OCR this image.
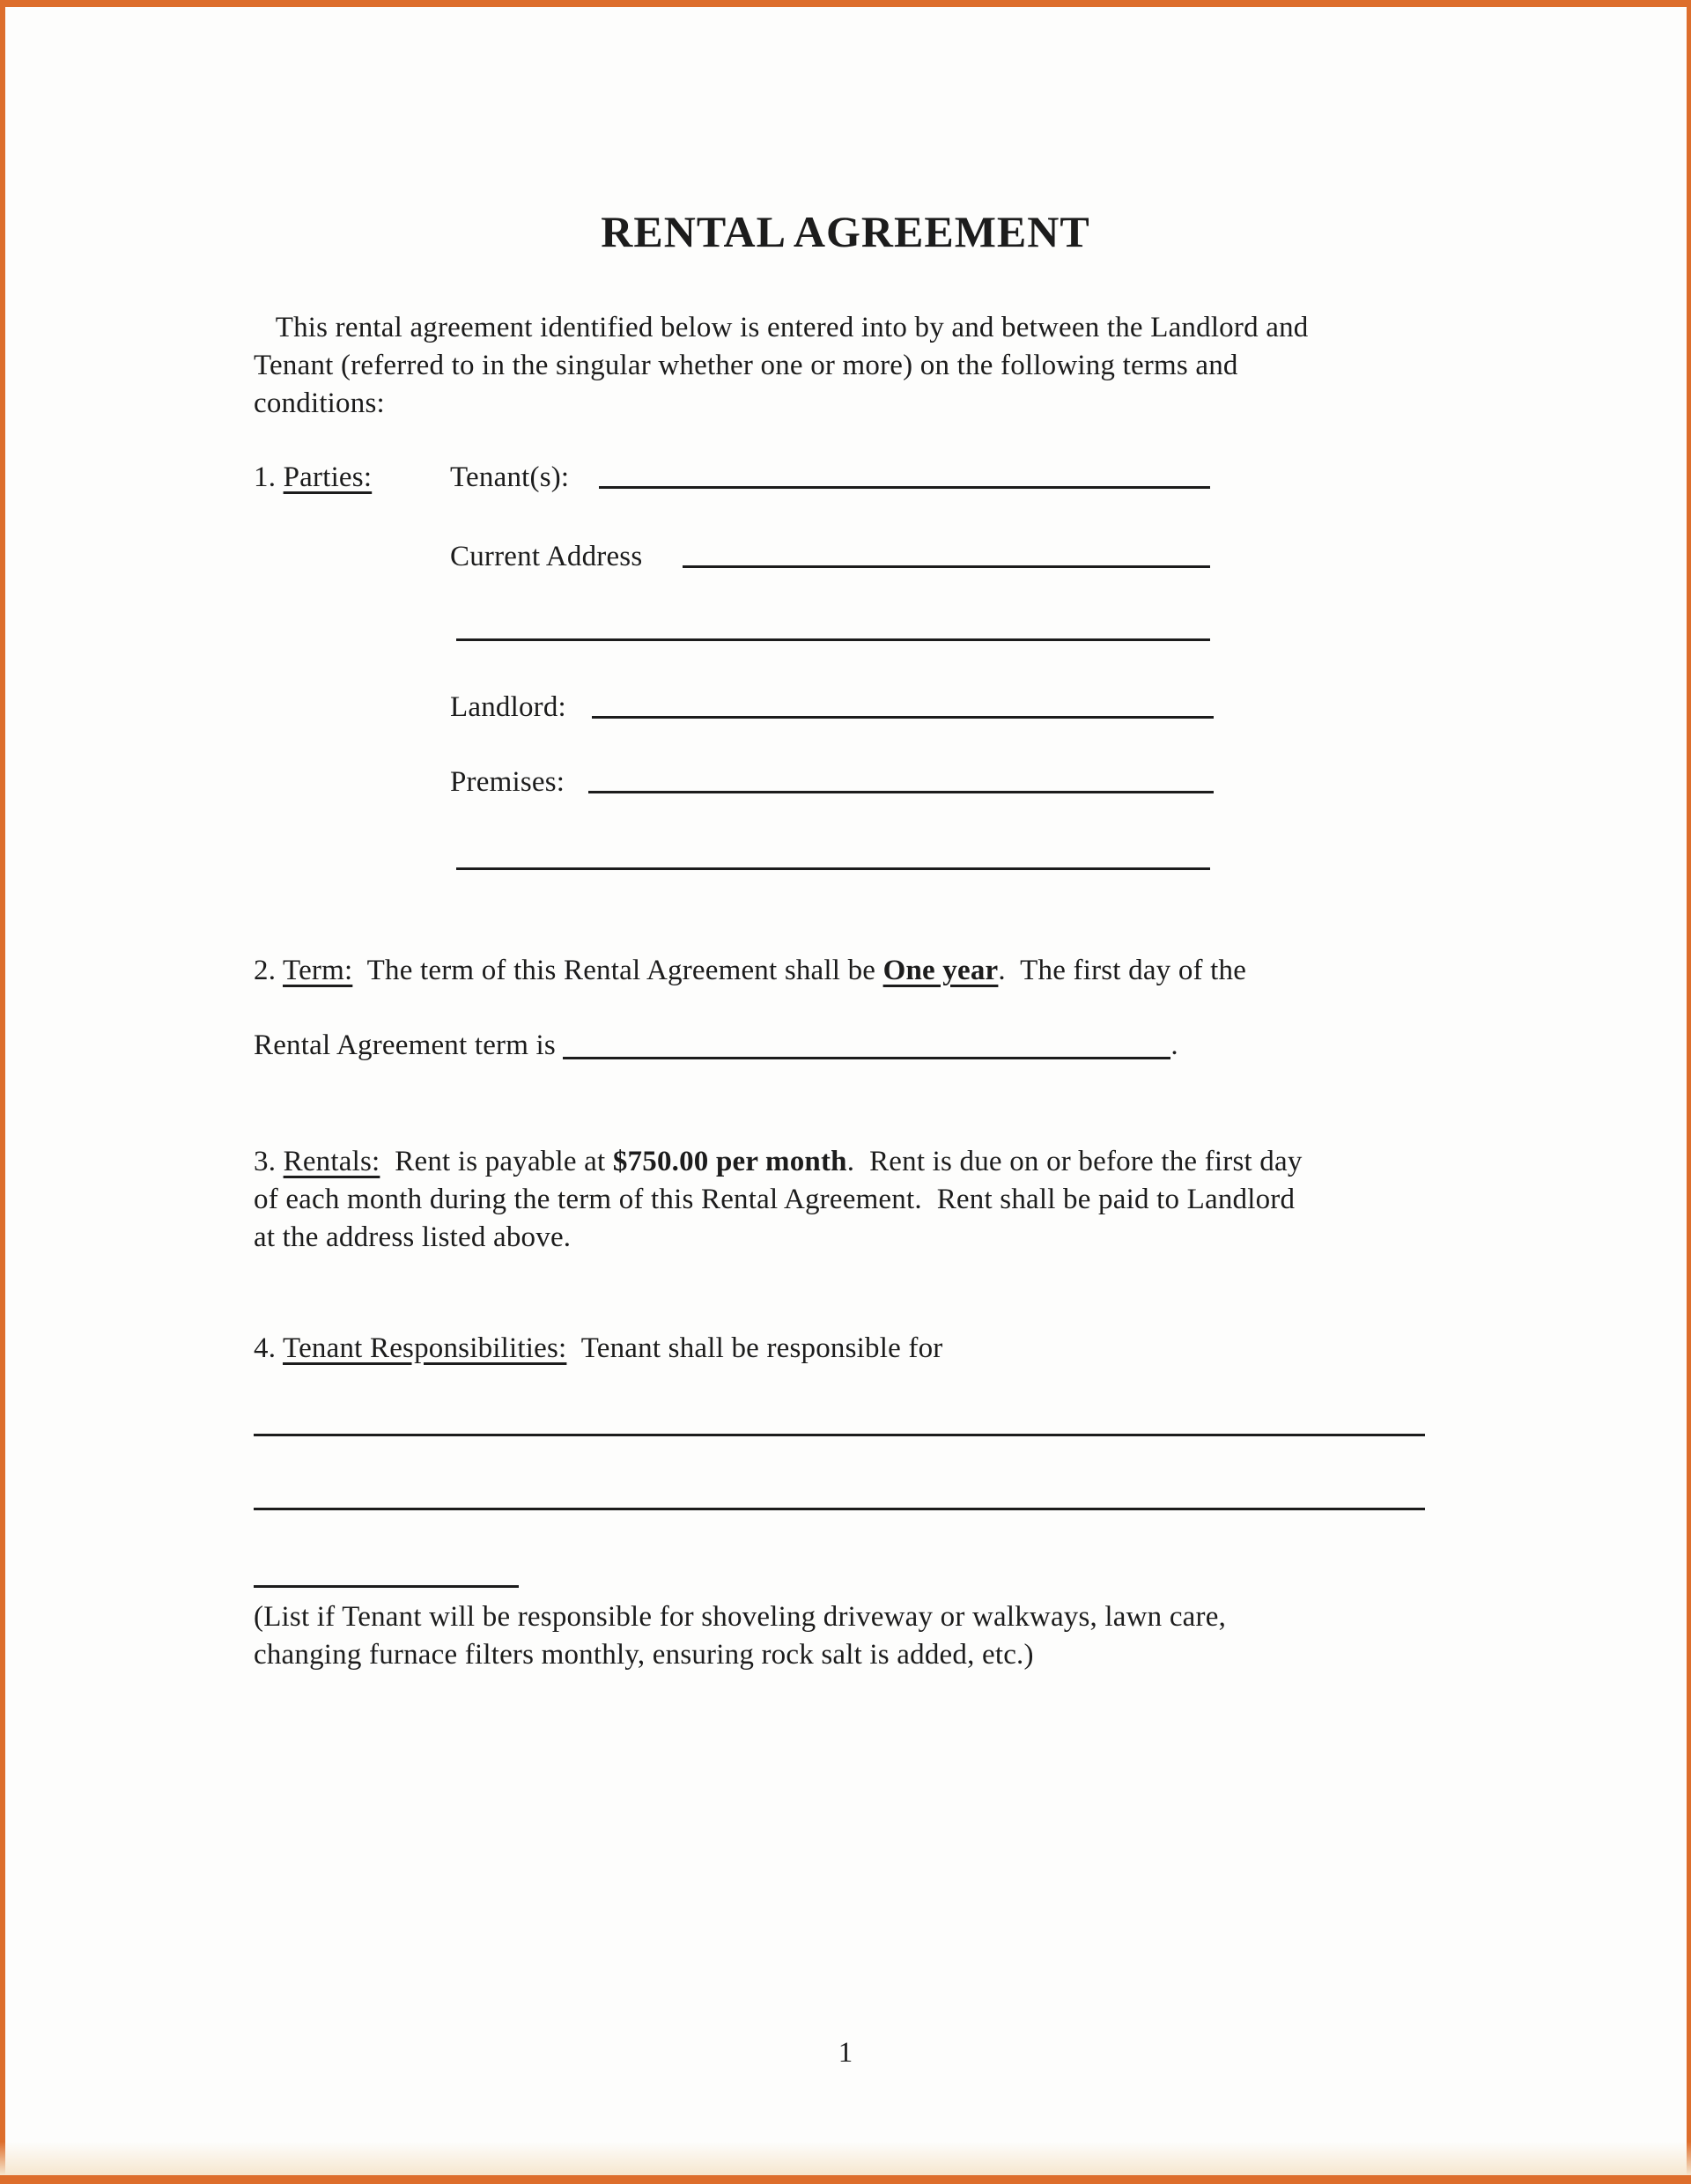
RENTAL AGREEMENT
This rental agreement identified below is entered into by and between the Landlord and
Tenant (referred to in the singular whether one or more) on the following terms and
conditions:
1. Parties:	Tenant(s):
Current Address
Landlord:
Premises:
2. Term:  The term of this Rental Agreement shall be One year.  The first day of the
Rental Agreement term is	.
3. Rentals:  Rent is payable at $750.00 per month.  Rent is due on or before the first day
of each month during the term of this Rental Agreement.  Rent shall be paid to Landlord
at the address listed above.
4. Tenant Responsibilities:  Tenant shall be responsible for
(List if Tenant will be responsible for shoveling driveway or walkways, lawn care,
changing furnace filters monthly, ensuring rock salt is added, etc.)
1
